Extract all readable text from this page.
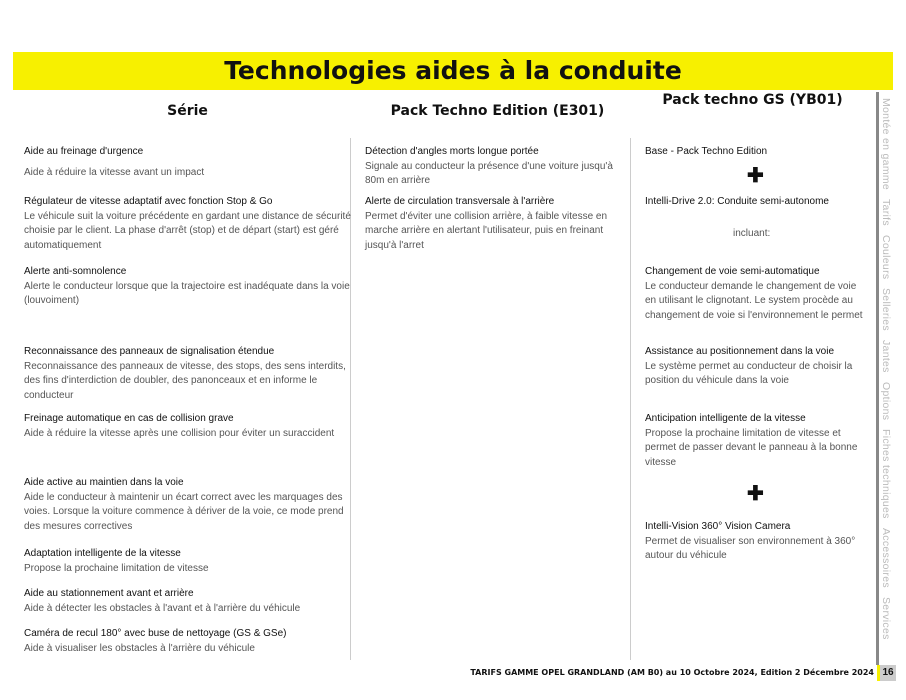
Technologies aides à la conduite
Série	Pack Techno Edition (E301)
Pack techno GS (YB01)
Aide au freinage d'urgence
Aide à réduire la vitesse avant un impact
Régulateur de vitesse adaptatif avec fonction Stop & Go
Le véhicule suit la voiture précédente en gardant une distance de sécurité choisie par le client. La phase d'arrêt (stop) et de départ (start) est géré automatiquement
Alerte anti-somnolence
Alerte le conducteur lorsque que la trajectoire est inadéquate dans la voie (louvoiment)
Reconnaissance des panneaux de signalisation étendue
Reconnaissance des panneaux de vitesse, des stops, des sens interdits, des fins d'interdiction de doubler, des panonceaux et en informe le conducteur
Freinage automatique en cas de collision grave
Aide à réduire la vitesse après une collision pour éviter un suraccident
Aide active au maintien dans la voie
Aide le conducteur à maintenir un écart correct avec les marquages des voies. Lorsque la voiture commence à dériver de la voie, ce mode prend des mesures correctives
Adaptation intelligente de la vitesse
Propose la prochaine limitation de vitesse
Aide au stationnement avant et arrière
Aide à détecter les obstacles à l'avant et à l'arrière du véhicule
Caméra de recul 180° avec buse de nettoyage (GS & GSe)
Aide à visualiser les obstacles à l'arrière du véhicule
Détection d'angles morts longue portée
Signale au conducteur la présence d'une voiture jusqu'à 80m en arrière
Alerte de circulation transversale à l'arrière
Permet d'éviter une collision arrière, à faible vitesse en marche arrière en alertant l'utilisateur, puis en freinant jusqu'à l'arret
Base - Pack Techno Edition
✚
Intelli-Drive 2.0: Conduite semi-autonome
incluant:
Changement de voie semi-automatique
Le conducteur demande le changement de voie en utilisant le clignotant. Le system procède au changement de voie si l'environnement le permet
Assistance au positionnement dans la voie
Le système permet au conducteur de choisir la position du véhicule dans la voie
Anticipation intelligente de la vitesse
Propose la prochaine limitation de vitesse et permet de passer devant le panneau à la bonne vitesse
Intelli-Vision 360° Vision Camera
Permet de visualiser son environnement à 360° autour du véhicule
✚
Montée en gammeTarifsCouleursSelleriesJantesOptionsFiches techniquesAccessoiresServices
TARIFS GAMME OPEL GRANDLAND (AM B0) au 10 Octobre 2024, Edition 2 Décembre 2024 16
